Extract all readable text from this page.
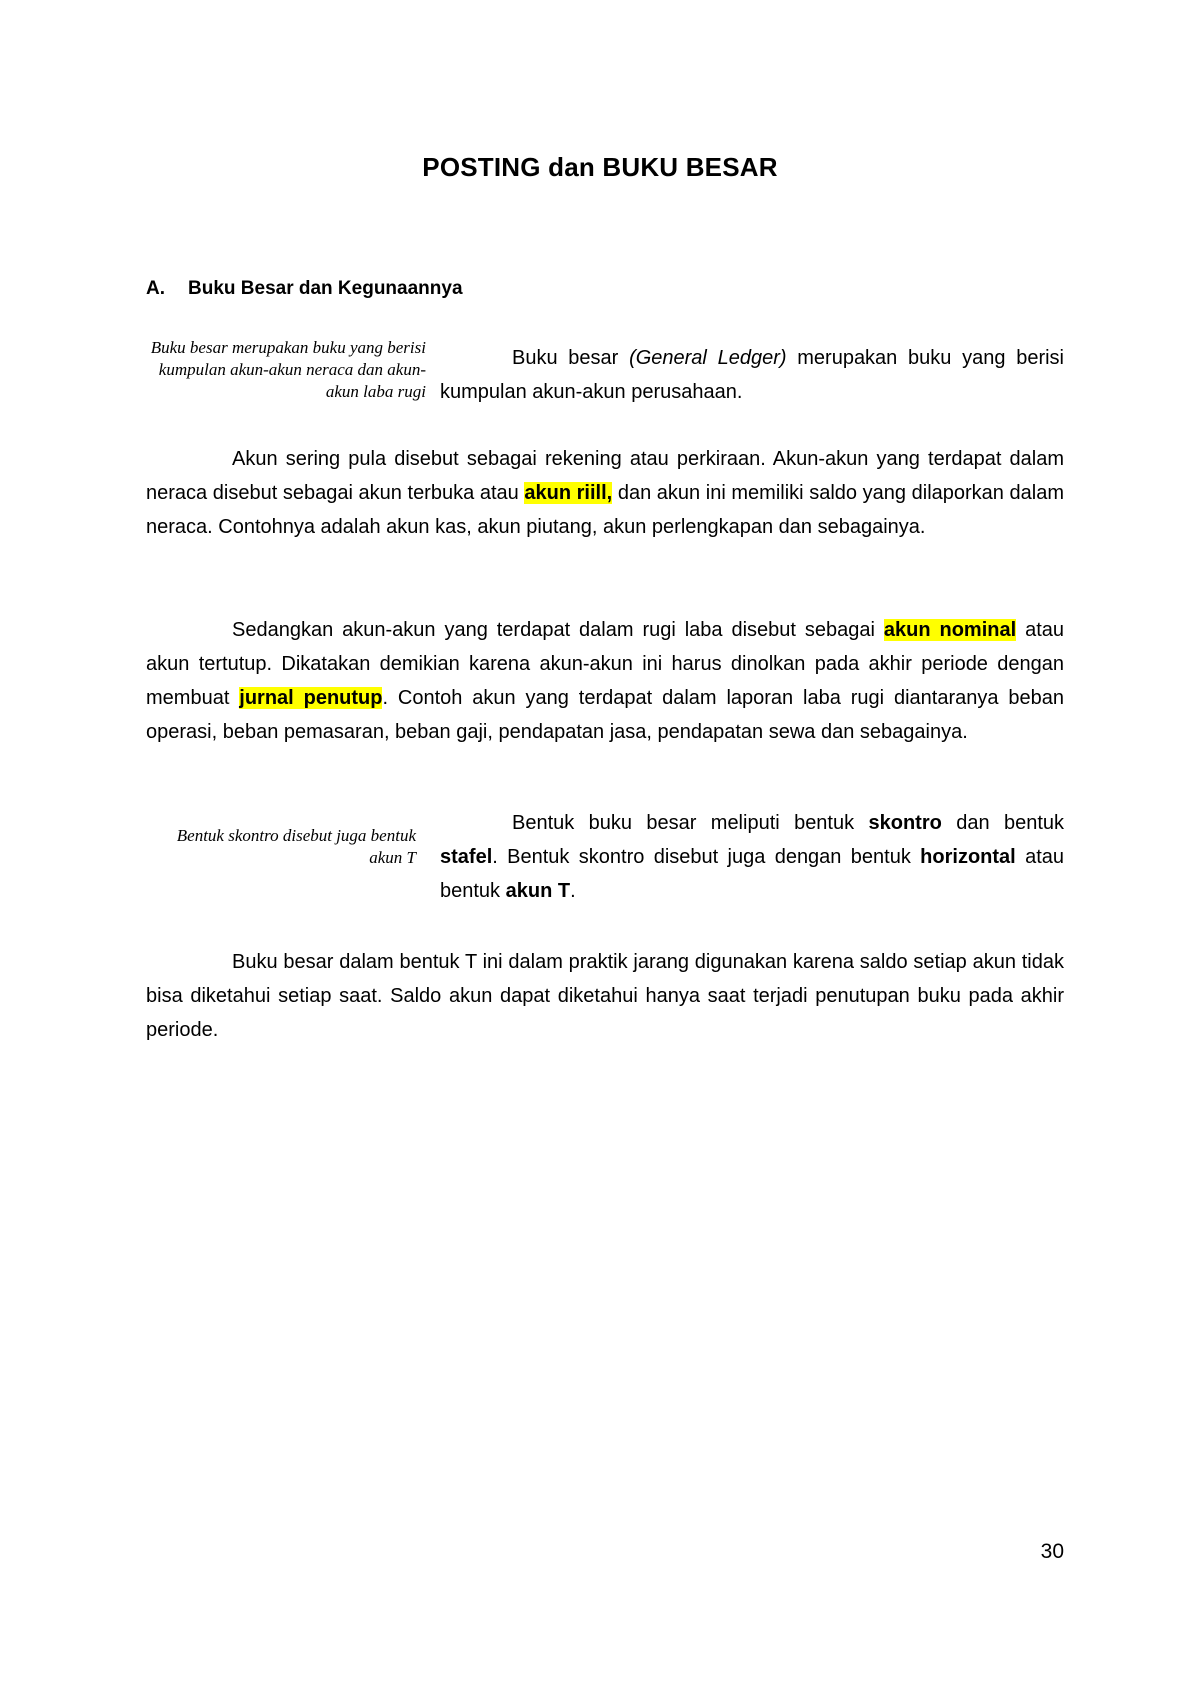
POSTING dan BUKU BESAR
A. Buku Besar dan Kegunaannya

Buku besar merupakan buku yang berisi kumpulan akun-akun neraca dan akun-akun laba rugi

Buku besar (General Ledger) merupakan buku yang berisi kumpulan akun-akun perusahaan.

Akun sering pula disebut sebagai rekening atau perkiraan. Akun-akun yang terdapat dalam neraca disebut sebagai akun terbuka atau akun riill, dan akun ini memiliki saldo yang dilaporkan dalam neraca. Contohnya adalah akun kas, akun piutang, akun perlengkapan dan sebagainya.

Sedangkan akun-akun yang terdapat dalam rugi laba disebut sebagai akun nominal atau akun tertutup. Dikatakan demikian karena akun-akun ini harus dinolkan pada akhir periode dengan membuat jurnal penutup. Contoh akun yang terdapat dalam laporan laba rugi diantaranya beban operasi, beban pemasaran, beban gaji, pendapatan jasa, pendapatan sewa dan sebagainya.

Bentuk skontro disebut juga bentuk akun T

Bentuk buku besar meliputi bentuk skontro dan bentuk stafel. Bentuk skontro disebut juga dengan bentuk horizontal atau bentuk akun T.

Buku besar dalam bentuk T ini dalam praktik jarang digunakan karena saldo setiap akun tidak bisa diketahui setiap saat. Saldo akun dapat diketahui hanya saat terjadi penutupan buku pada akhir periode.

30
